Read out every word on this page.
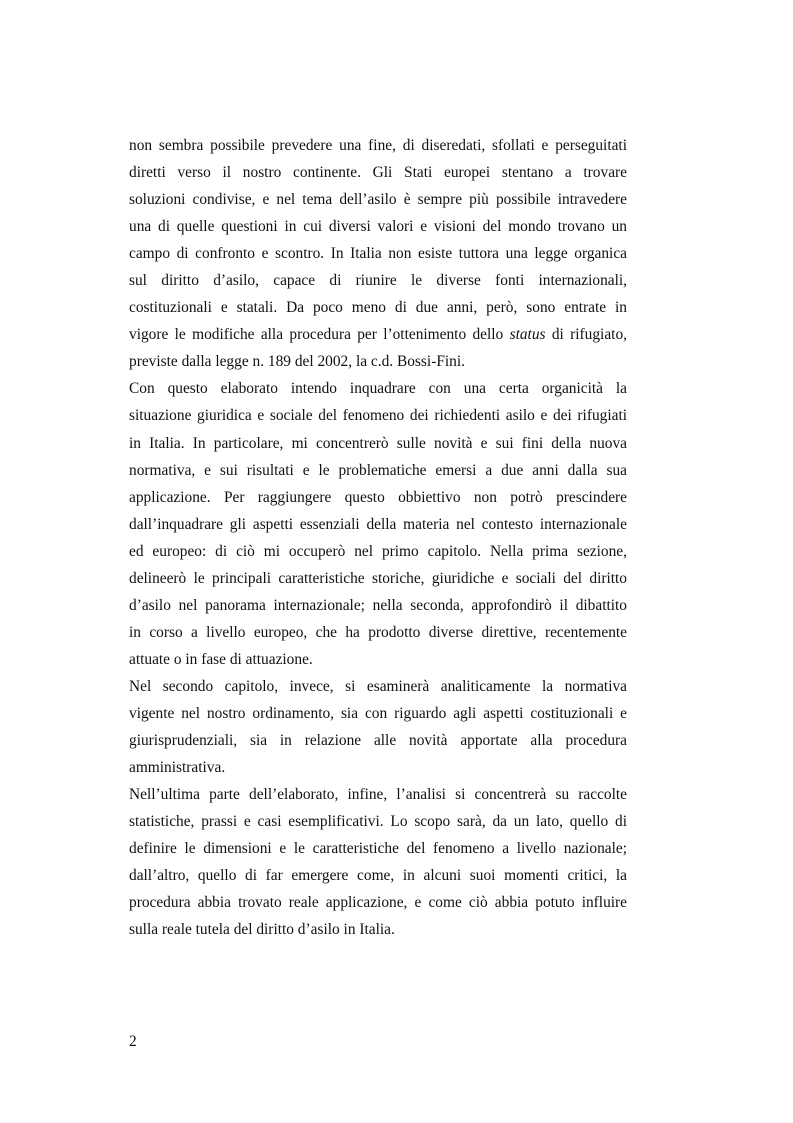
non sembra possibile prevedere una fine, di diseredati, sfollati e perseguitati
diretti verso il nostro continente. Gli Stati europei stentano a trovare
soluzioni condivise, e nel tema dell’asilo è sempre più possibile intravedere
una di quelle questioni in cui diversi valori e visioni del mondo trovano un
campo di confronto e scontro. In Italia non esiste tuttora una legge organica
sul diritto d’asilo, capace di riunire le diverse fonti internazionali,
costituzionali e statali. Da poco meno di due anni, però, sono entrate in
vigore le modifiche alla procedura per l’ottenimento dello status di rifugiato,
previste dalla legge n. 189 del 2002, la c.d. Bossi-Fini.
Con questo elaborato intendo inquadrare con una certa organicità la
situazione giuridica e sociale del fenomeno dei richiedenti asilo e dei rifugiati
in Italia. In particolare, mi concentrerò sulle novità e sui fini della nuova
normativa, e sui risultati e le problematiche emersi a due anni dalla sua
applicazione. Per raggiungere questo obbiettivo non potrò prescindere
dall’inquadrare gli aspetti essenziali della materia nel contesto internazionale
ed europeo: di ciò mi occuperò nel primo capitolo. Nella prima sezione,
delineerò le principali caratteristiche storiche, giuridiche e sociali del diritto
d’asilo nel panorama internazionale; nella seconda, approfondirò il dibattito
in corso a livello europeo, che ha prodotto diverse direttive, recentemente
attuate o in fase di attuazione.
Nel secondo capitolo, invece, si esaminerà analiticamente la normativa
vigente nel nostro ordinamento, sia con riguardo agli aspetti costituzionali e
giurisprudenziali, sia in relazione alle novità apportate alla procedura
amministrativa.
Nell’ultima parte dell’elaborato, infine, l’analisi si concentrerà su raccolte
statistiche, prassi e casi esemplificativi. Lo scopo sarà, da un lato, quello di
definire le dimensioni e le caratteristiche del fenomeno a livello nazionale;
dall’altro, quello di far emergere come, in alcuni suoi momenti critici, la
procedura abbia trovato reale applicazione, e come ciò abbia potuto influire
sulla reale tutela del diritto d’asilo in Italia.
2
